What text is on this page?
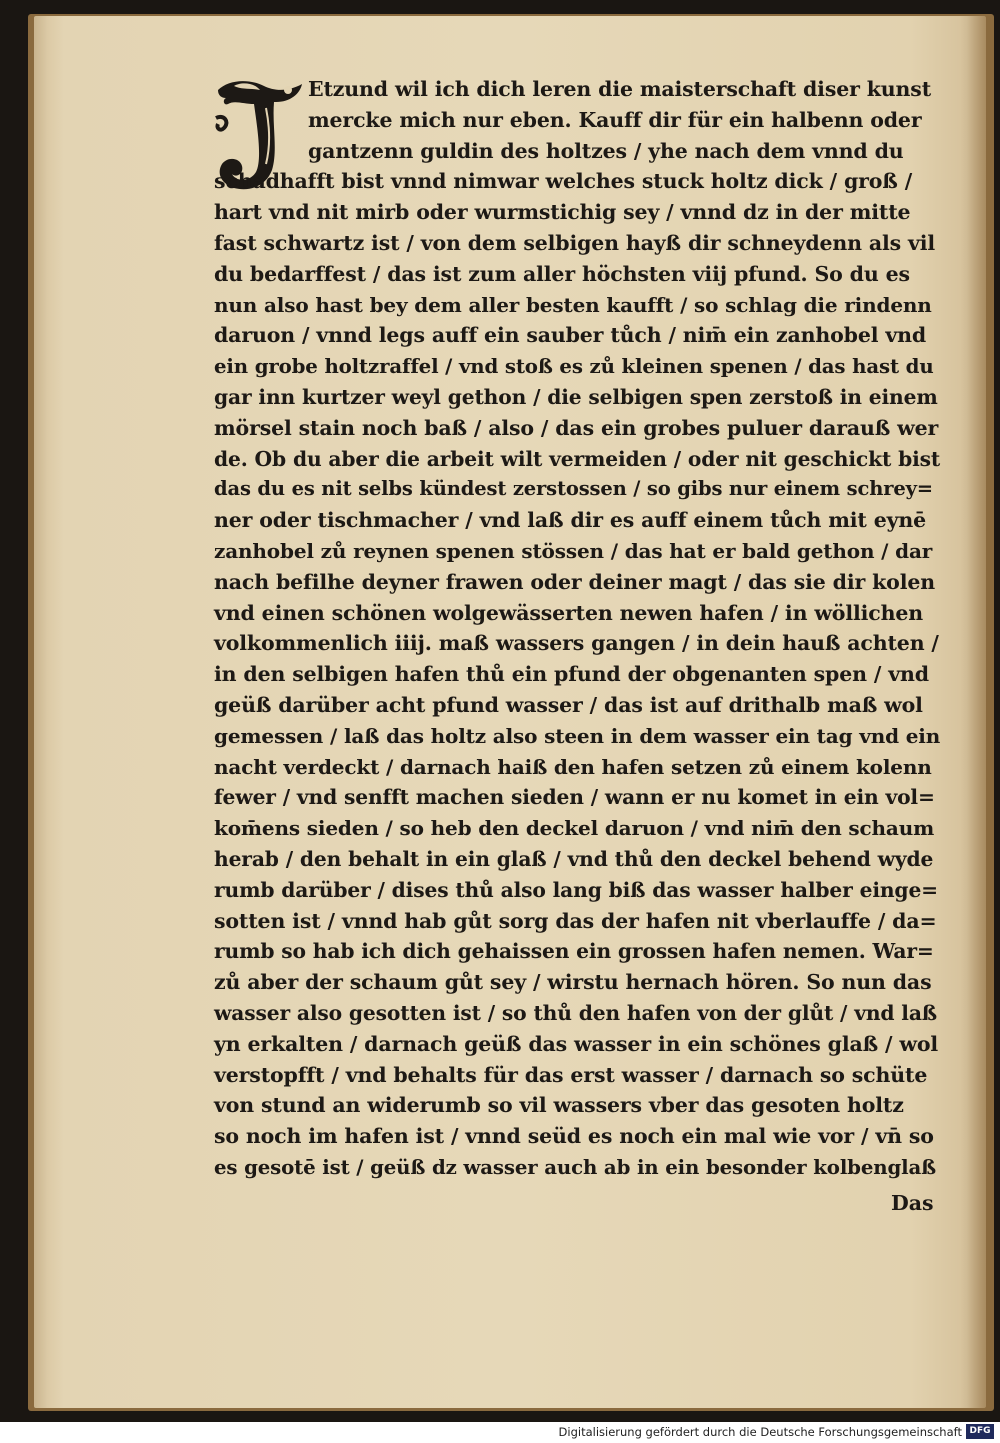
Etzund wil ich dich leren die maisterschaft diser kunst
mercke mich nur eben. Kauff dir für ein halbenn oder
gantzenn guldin des holtzes / yhe nach dem vnnd du
schadhafft bist vnnd nimwar welches stuck holtz dick / groß /
hart vnd nit mirb oder wurmstichig sey / vnnd dz in der mitte
fast schwartz ist / von dem selbigen hayß dir schneydenn als vil
du bedarffest / das ist zum aller höchsten viij pfund. So du es
nun also hast bey dem aller besten kaufft / so schlag die rindenn
daruon / vnnd legs auff ein sauber tůch / nim̄ ein zanhobel vnd
ein grobe holtzraffel / vnd stoß es zů kleinen spenen / das hast du
gar inn kurtzer weyl gethon / die selbigen spen zerstoß in einem
mörsel stain noch baß / also / das ein grobes puluer darauß wer
de. Ob du aber die arbeit wilt vermeiden / oder nit geschickt bist
das du es nit selbs kündest zerstossen / so gibs nur einem schrey=
ner oder tischmacher / vnd laß dir es auff einem tůch mit eynē
zanhobel zů reynen spenen stössen / das hat er bald gethon / dar
nach befilhe deyner frawen oder deiner magt / das sie dir kolen
vnd einen schönen wolgewässerten newen hafen / in wöllichen
volkommenlich iiij. maß wassers gangen / in dein hauß achten /
in den selbigen hafen thů ein pfund der obgenanten spen / vnd
geüß darüber acht pfund wasser / das ist auf drithalb maß wol
gemessen / laß das holtz also steen in dem wasser ein tag vnd ein
nacht verdeckt / darnach haiß den hafen setzen zů einem kolenn
fewer / vnd senfft machen sieden / wann er nu komet in ein vol=
kom̄ens sieden / so heb den deckel daruon / vnd nim̄ den schaum
herab / den behalt in ein glaß / vnd thů den deckel behend wyde
rumb darüber / dises thů also lang biß das wasser halber einge=
sotten ist / vnnd hab gůt sorg das der hafen nit vberlauffe / da=
rumb so hab ich dich gehaissen ein grossen hafen nemen. War=
zů aber der schaum gůt sey / wirstu hernach hören. So nun das
wasser also gesotten ist / so thů den hafen von der glůt / vnd laß
yn erkalten / darnach geüß das wasser in ein schönes glaß / wol
verstopfft / vnd behalts für das erst wasser / darnach so schüte
von stund an widerumb so vil wassers vber das gesoten holtz
so noch im hafen ist / vnnd seüd es noch ein mal wie vor / vn̄ so
es gesotē ist / geüß dz wasser auch ab in ein besonder kolbenglaß
Das
Digitalisierung gefördert durch die Deutsche Forschungsgemeinschaft DFG
